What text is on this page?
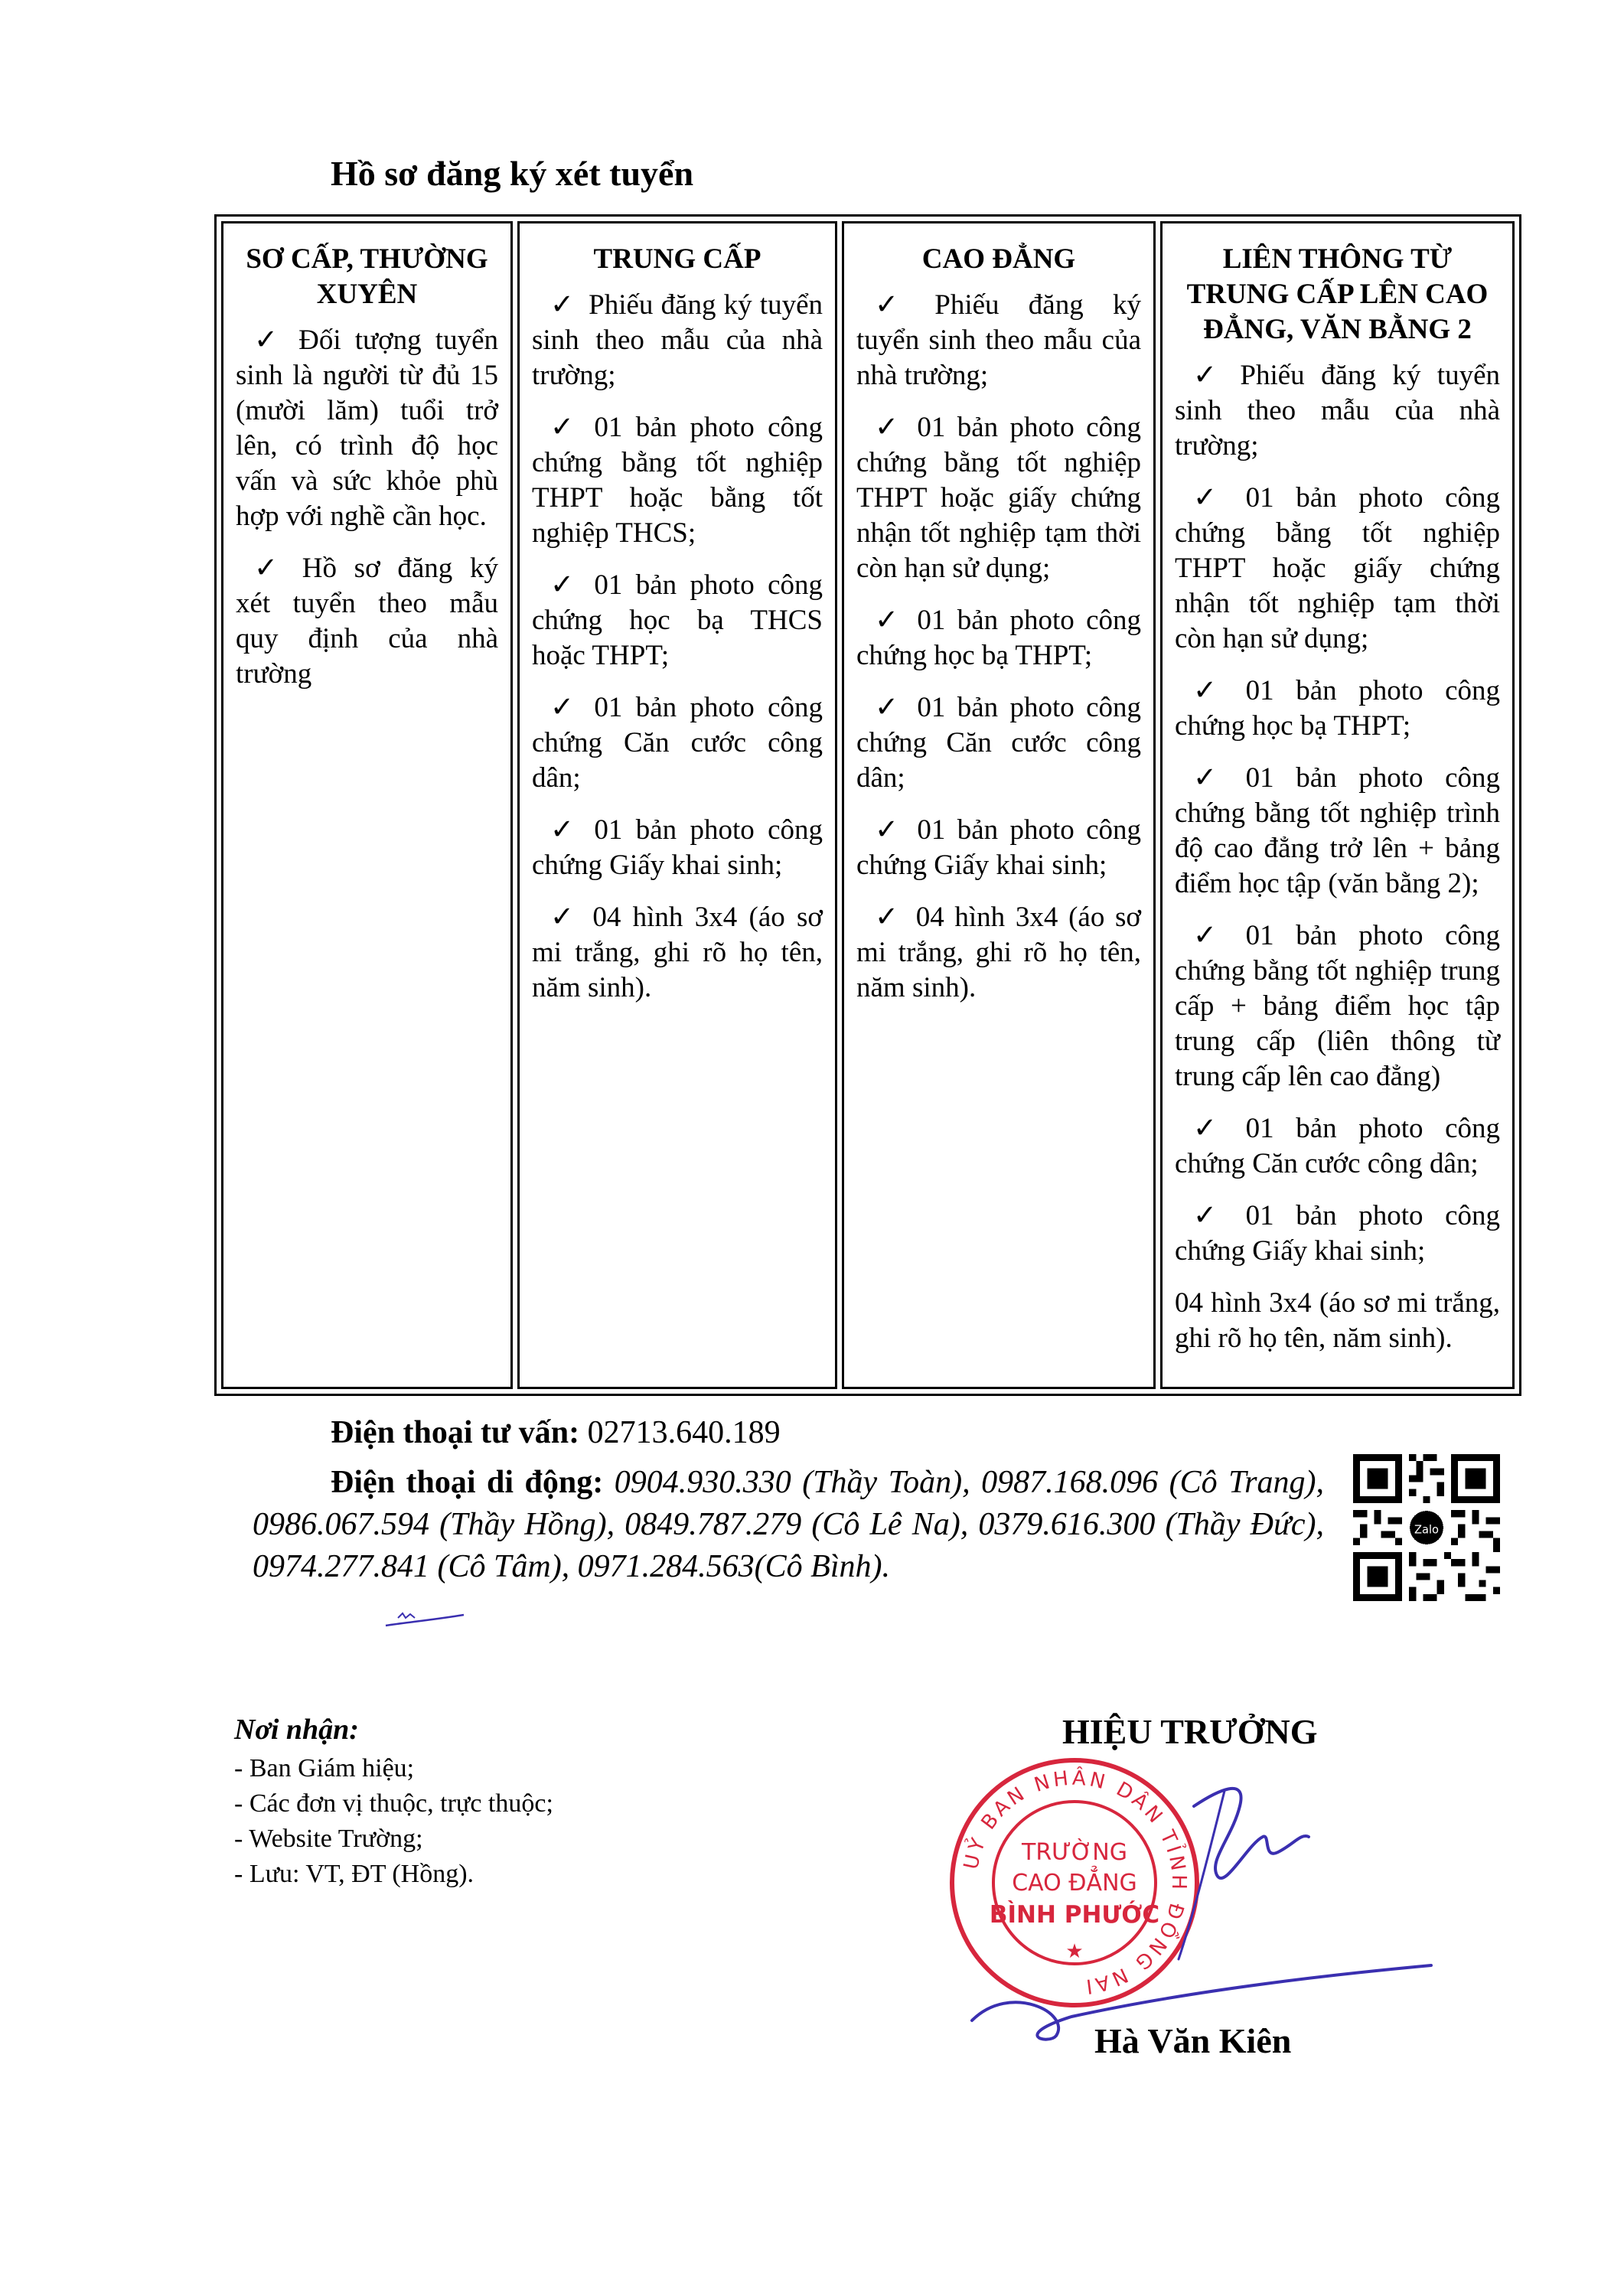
Hồ sơ đăng ký xét tuyển
SƠ CẤP, THƯỜNG XUYÊN

✓ Đối tượng tuyển sinh là người từ đủ 15 (mười lăm) tuổi trở lên, có trình độ học vấn và sức khỏe phù hợp với nghề cần học.

✓ Hồ sơ đăng ký xét tuyển theo mẫu quy định của nhà trường

TRUNG CẤP

✓ Phiếu đăng ký tuyển sinh theo mẫu của nhà trường;

✓ 01 bản photo công chứng bằng tốt nghiệp THPT hoặc bằng tốt nghiệp THCS;

✓ 01 bản photo công chứng học bạ THCS hoặc THPT;

✓ 01 bản photo công chứng Căn cước công dân;

✓ 01 bản photo công chứng Giấy khai sinh;

✓ 04 hình 3x4 (áo sơ mi trắng, ghi rõ họ tên, năm sinh).

CAO ĐẲNG

✓ Phiếu đăng ký tuyển sinh theo mẫu của nhà trường;

✓ 01 bản photo công chứng bằng tốt nghiệp THPT hoặc giấy chứng nhận tốt nghiệp tạm thời còn hạn sử dụng;

✓ 01 bản photo công chứng học bạ THPT;

✓ 01 bản photo công chứng Căn cước công dân;

✓ 01 bản photo công chứng Giấy khai sinh;

✓ 04 hình 3x4 (áo sơ mi trắng, ghi rõ họ tên, năm sinh).

LIÊN THÔNG TỪ TRUNG CẤP LÊN CAO ĐẲNG, VĂN BẰNG 2

✓ Phiếu đăng ký tuyển sinh theo mẫu của nhà trường;

✓ 01 bản photo công chứng bằng tốt nghiệp THPT hoặc giấy chứng nhận tốt nghiệp tạm thời còn hạn sử dụng;

✓ 01 bản photo công chứng học bạ THPT;

✓ 01 bản photo công chứng bằng tốt nghiệp trình độ cao đẳng trở lên + bảng điểm học tập (văn bằng 2);

✓ 01 bản photo công chứng bằng tốt nghiệp trung cấp + bảng điểm học tập trung cấp (liên thông từ trung cấp lên cao đẳng)

✓ 01 bản photo công chứng Căn cước công dân;

✓ 01 bản photo công chứng Giấy khai sinh;

04 hình 3x4 (áo sơ mi trắng, ghi rõ họ tên, năm sinh).

Điện thoại tư vấn: 02713.640.189
Điện thoại di động: 0904.930.330 (Thầy Toàn), 0987.168.096 (Cô Trang), 0986.067.594 (Thầy Hồng), 0849.787.279 (Cô Lê Na), 0379.616.300 (Thầy Đức), 0974.277.841 (Cô Tâm), 0971.284.563(Cô Bình).
Zalo
Nơi nhận:
- Ban Giám hiệu;
- Các đơn vị thuộc, trực thuộc;
- Website Trường;
- Lưu: VT, ĐT (Hồng).
HIỆU TRƯỞNG
UỶ BAN NHÂN DÂN TỈNH ĐỒNG NAI
TRƯỜNG
CAO ĐẲNG
BÌNH PHƯỚC
★
Hà Văn Kiên
